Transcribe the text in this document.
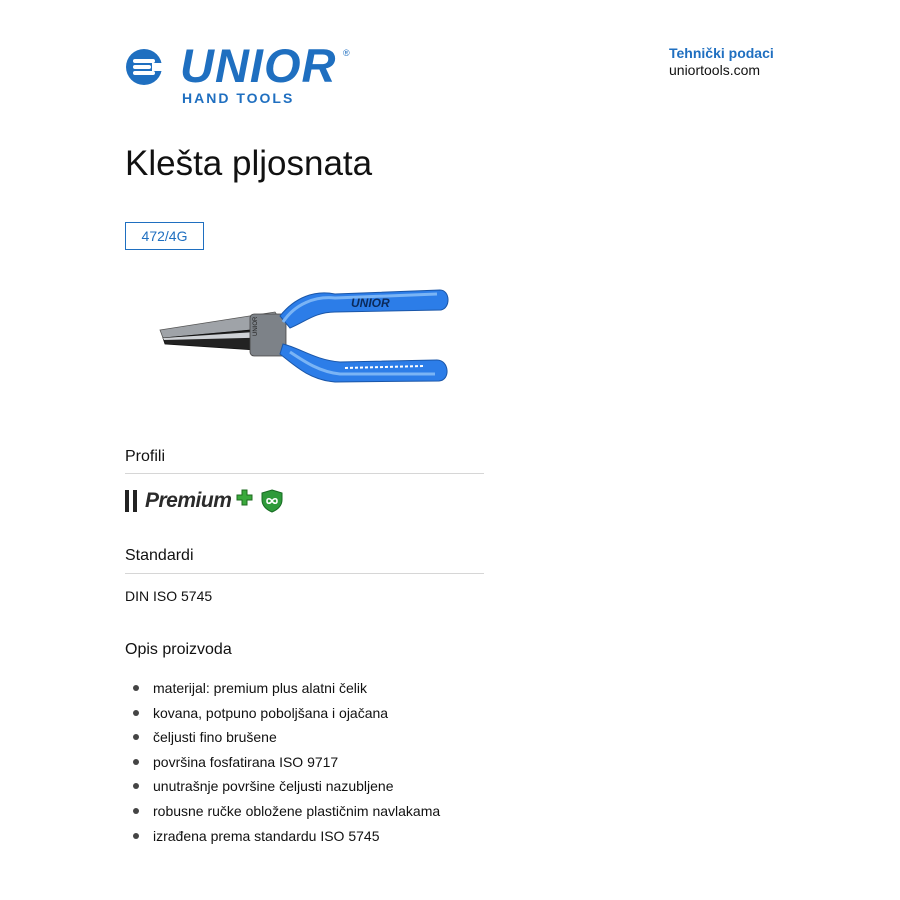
UNIOR ®
HAND TOOLS
Tehnički podaci
uniortools.com
Klešta pljosnata
472/4G
UNIOR
UNIOR
Profili
Premium
Standardi
DIN ISO 5745
Opis proizvoda
materijal: premium plus alatni čelik
kovana, potpuno poboljšana i ojačana
čeljusti fino brušene
površina fosfatirana ISO 9717
unutrašnje površine čeljusti nazubljene
robusne ručke obložene plastičnim navlakama
izrađena prema standardu ISO 5745
